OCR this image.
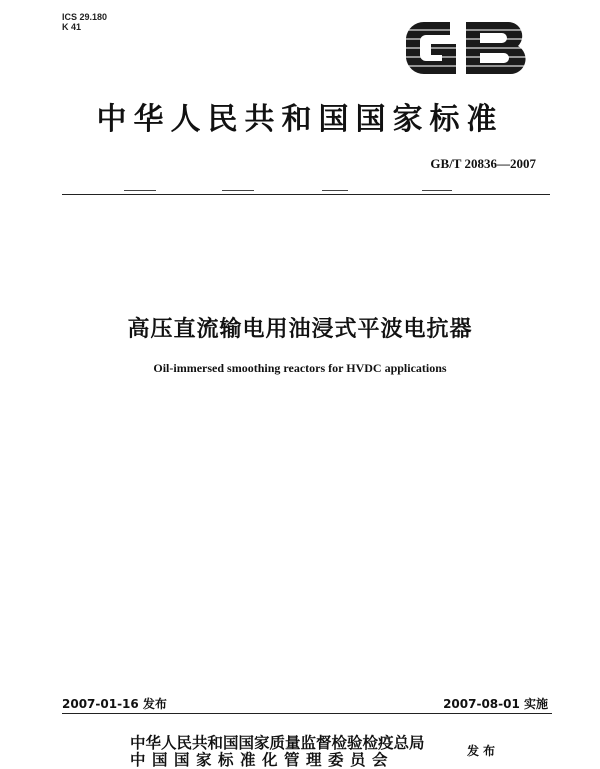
ICS 29.180
K 41
中华人民共和国国家标准
GB/T 20836—2007
高压直流输电用油浸式平波电抗器
Oil-immersed smoothing reactors for HVDC applications
2007-01-16 发布	2007-08-01 实施
中华人民共和国国家质量监督检验检疫总局
中国国家标准化管理委员会	发布
